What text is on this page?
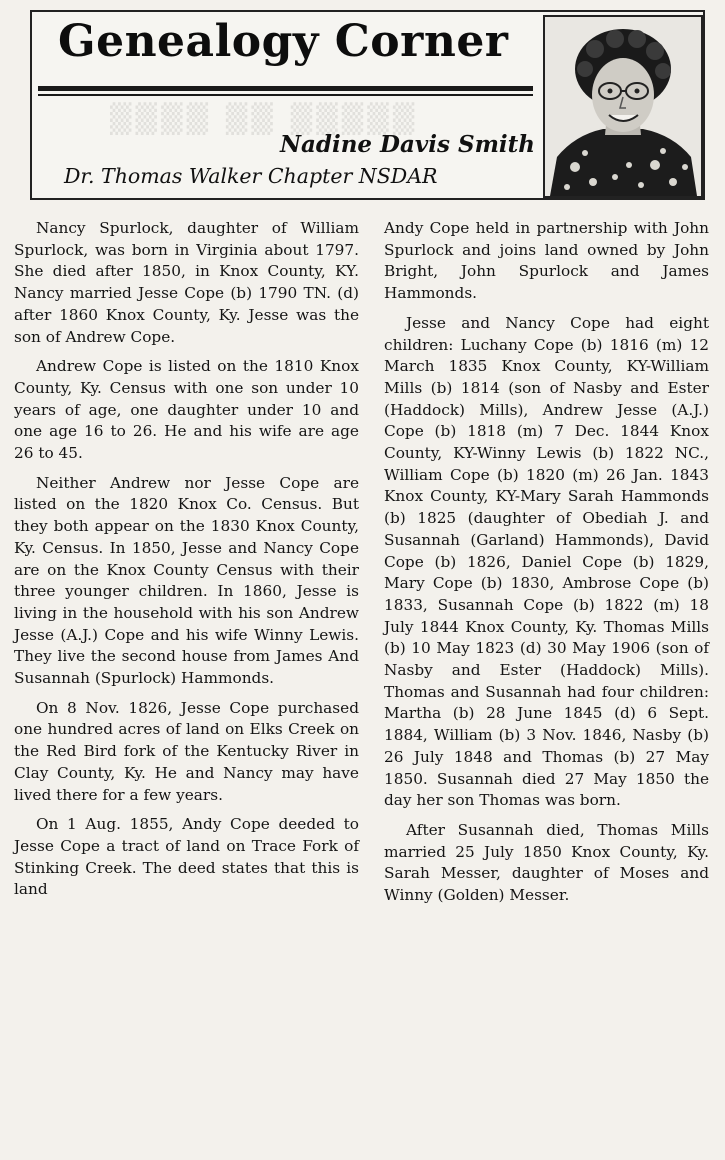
Genealogy Corner
▒▒▒▒ ▒▒ ▒▒▒▒▒
Nadine Davis Smith
Dr. Thomas Walker Chapter NSDAR

Nancy Spurlock, daughter of William Spurlock, was born in Virginia about 1797. She died after 1850, in Knox County, KY. Nancy married Jesse Cope (b) 1790 TN. (d) after 1860 Knox County, Ky. Jesse was the son of Andrew Cope.

Andrew Cope is listed on the 1810 Knox County, Ky. Census with one son under 10 years of age, one daughter under 10 and one age 16 to 26. He and his wife are age 26 to 45.

Neither Andrew nor Jesse Cope are listed on the 1820 Knox Co. Census. But they both appear on the 1830 Knox County, Ky. Census. In 1850, Jesse and Nancy Cope are on the Knox County Census with their three younger children. In 1860, Jesse is living in the household with his son Andrew Jesse (A.J.) Cope and his wife Winny Lewis. They live the second house from James And Susannah (Spurlock) Hammonds.

On 8 Nov. 1826, Jesse Cope purchased one hundred acres of land on Elks Creek on the Red Bird fork of the Kentucky River in Clay County, Ky. He and Nancy may have lived there for a few years.

On 1 Aug. 1855, Andy Cope deeded to Jesse Cope a tract of land on Trace Fork of Stinking Creek. The deed states that this is land

Andy Cope held in partnership with John Spurlock and joins land owned by John Bright, John Spurlock and James Hammonds.

Jesse and Nancy Cope had eight children: Luchany Cope (b) 1816 (m) 12 March 1835 Knox County, KY-William Mills (b) 1814 (son of Nasby and Ester (Haddock) Mills), Andrew Jesse (A.J.) Cope (b) 1818 (m) 7 Dec. 1844 Knox County, KY-Winny Lewis (b) 1822 NC., William Cope (b) 1820 (m) 26 Jan. 1843 Knox County, KY-Mary Sarah Hammonds (b) 1825 (daughter of Obediah J. and Susannah (Garland) Hammonds), David Cope (b) 1826, Daniel Cope (b) 1829, Mary Cope (b) 1830, Ambrose Cope (b) 1833, Susannah Cope (b) 1822 (m) 18 July 1844 Knox County, Ky. Thomas Mills (b) 10 May 1823 (d) 30 May 1906 (son of Nasby and Ester (Haddock) Mills). Thomas and Susannah had four children: Martha (b) 28 June 1845 (d) 6 Sept. 1884, William (b) 3 Nov. 1846, Nasby (b) 26 July 1848 and Thomas (b) 27 May 1850. Susannah died 27 May 1850 the day her son Thomas was born.

After Susannah died, Thomas Mills married 25 July 1850 Knox County, Ky. Sarah Messer, daughter of Moses and Winny (Golden) Messer.
